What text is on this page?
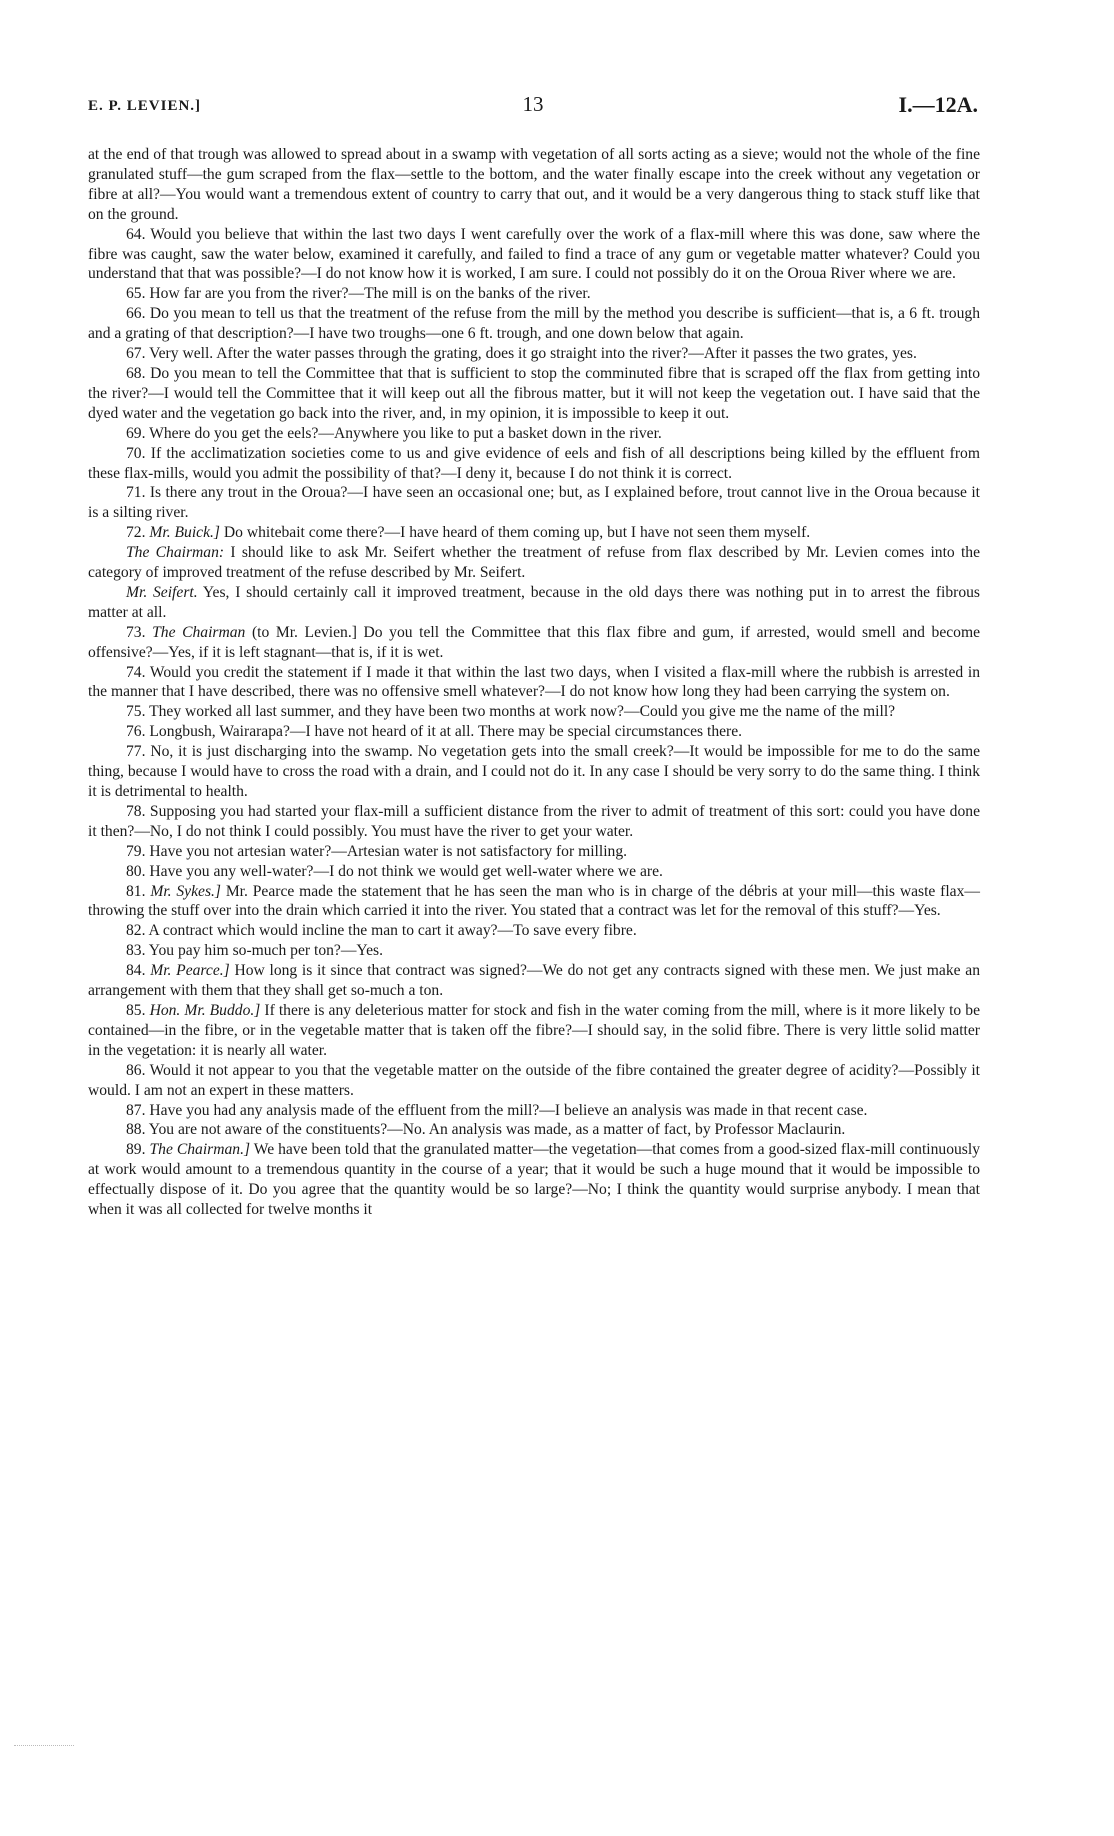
E. P. LEVIEN.]	13	I.—12A.

at the end of that trough was allowed to spread about in a swamp with vegetation of all sorts acting as a sieve; would not the whole of the fine granulated stuff—the gum scraped from the flax—settle to the bottom, and the water finally escape into the creek without any vegetation or fibre at all?—You would want a tremendous extent of country to carry that out, and it would be a very dangerous thing to stack stuff like that on the ground.

64. Would you believe that within the last two days I went carefully over the work of a flax-mill where this was done, saw where the fibre was caught, saw the water below, examined it carefully, and failed to find a trace of any gum or vegetable matter whatever? Could you understand that that was possible?—I do not know how it is worked, I am sure. I could not possibly do it on the Oroua River where we are.

65. How far are you from the river?—The mill is on the banks of the river.

66. Do you mean to tell us that the treatment of the refuse from the mill by the method you describe is sufficient—that is, a 6 ft. trough and a grating of that description?—I have two troughs—one 6 ft. trough, and one down below that again.

67. Very well. After the water passes through the grating, does it go straight into the river?—After it passes the two grates, yes.

68. Do you mean to tell the Committee that that is sufficient to stop the comminuted fibre that is scraped off the flax from getting into the river?—I would tell the Committee that it will keep out all the fibrous matter, but it will not keep the vegetation out. I have said that the dyed water and the vegetation go back into the river, and, in my opinion, it is impossible to keep it out.

69. Where do you get the eels?—Anywhere you like to put a basket down in the river.

70. If the acclimatization societies come to us and give evidence of eels and fish of all descriptions being killed by the effluent from these flax-mills, would you admit the possibility of that?—I deny it, because I do not think it is correct.

71. Is there any trout in the Oroua?—I have seen an occasional one; but, as I explained before, trout cannot live in the Oroua because it is a silting river.

72. Mr. Buick.] Do whitebait come there?—I have heard of them coming up, but I have not seen them myself.

The Chairman: I should like to ask Mr. Seifert whether the treatment of refuse from flax described by Mr. Levien comes into the category of improved treatment of the refuse described by Mr. Seifert.

Mr. Seifert. Yes, I should certainly call it improved treatment, because in the old days there was nothing put in to arrest the fibrous matter at all.

73. The Chairman (to Mr. Levien.] Do you tell the Committee that this flax fibre and gum, if arrested, would smell and become offensive?—Yes, if it is left stagnant—that is, if it is wet.

74. Would you credit the statement if I made it that within the last two days, when I visited a flax-mill where the rubbish is arrested in the manner that I have described, there was no offensive smell whatever?—I do not know how long they had been carrying the system on.

75. They worked all last summer, and they have been two months at work now?—Could you give me the name of the mill?

76. Longbush, Wairarapa?—I have not heard of it at all. There may be special circumstances there.

77. No, it is just discharging into the swamp. No vegetation gets into the small creek?—It would be impossible for me to do the same thing, because I would have to cross the road with a drain, and I could not do it. In any case I should be very sorry to do the same thing. I think it is detrimental to health.

78. Supposing you had started your flax-mill a sufficient distance from the river to admit of treatment of this sort: could you have done it then?—No, I do not think I could possibly. You must have the river to get your water.

79. Have you not artesian water?—Artesian water is not satisfactory for milling.

80. Have you any well-water?—I do not think we would get well-water where we are.

81. Mr. Sykes.] Mr. Pearce made the statement that he has seen the man who is in charge of the débris at your mill—this waste flax—throwing the stuff over into the drain which carried it into the river. You stated that a contract was let for the removal of this stuff?—Yes.

82. A contract which would incline the man to cart it away?—To save every fibre.

83. You pay him so-much per ton?—Yes.

84. Mr. Pearce.] How long is it since that contract was signed?—We do not get any contracts signed with these men. We just make an arrangement with them that they shall get so-much a ton.

85. Hon. Mr. Buddo.] If there is any deleterious matter for stock and fish in the water coming from the mill, where is it more likely to be contained—in the fibre, or in the vegetable matter that is taken off the fibre?—I should say, in the solid fibre. There is very little solid matter in the vegetation: it is nearly all water.

86. Would it not appear to you that the vegetable matter on the outside of the fibre contained the greater degree of acidity?—Possibly it would. I am not an expert in these matters.

87. Have you had any analysis made of the effluent from the mill?—I believe an analysis was made in that recent case.

88. You are not aware of the constituents?—No. An analysis was made, as a matter of fact, by Professor Maclaurin.

89. The Chairman.] We have been told that the granulated matter—the vegetation—that comes from a good-sized flax-mill continuously at work would amount to a tremendous quantity in the course of a year; that it would be such a huge mound that it would be impossible to effectually dispose of it. Do you agree that the quantity would be so large?—No; I think the quantity would surprise anybody. I mean that when it was all collected for twelve months it
